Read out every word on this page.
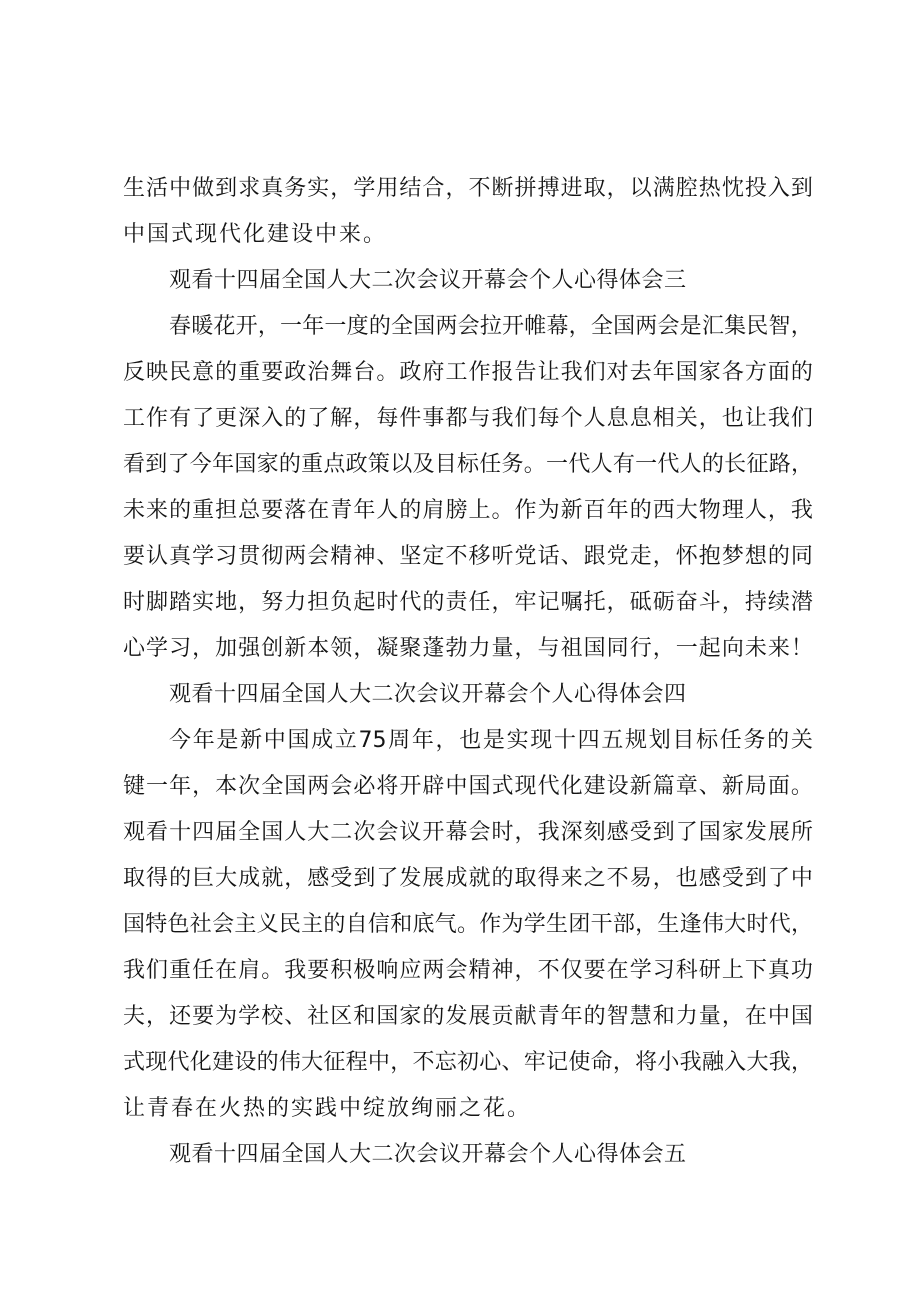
生 活 中 做 到 求 真 务 实 ， 学 用 结 合 ， 不 断 拼 搏 进 取 ， 以 满 腔 热 忱 投 入 到
中国式现代化建设中来。
观看十四届全国人大二次会议开幕会个人心得体会三
春 暖 花 开 ， 一 年 一 度 的 全 国 两 会 拉 开 帷 幕 ， 全 国 两 会 是 汇 集 民 智 ，
反 映 民 意 的 重 要 政 治 舞 台 。 政 府 工 作 报 告 让 我 们 对 去 年 国 家 各 方 面 的
工 作 有 了 更 深 入 的 了 解 ， 每 件 事 都 与 我 们 每 个 人 息 息 相 关 ， 也 让 我 们
看 到 了 今 年 国 家 的 重 点 政 策 以 及 目 标 任 务 。 一 代 人 有 一 代 人 的 长 征 路 ，
未 来 的 重 担 总 要 落 在 青 年 人 的 肩 膀 上 。 作 为 新 百 年 的 西 大 物 理 人 ， 我
要 认 真 学 习 贯 彻 两 会 精 神 、 坚 定 不 移 听 党 话 、 跟 党 走 ， 怀 抱 梦 想 的 同
时 脚 踏 实 地 ， 努 力 担 负 起 时 代 的 责 任 ， 牢 记 嘱 托 ， 砥 砺 奋 斗 ， 持 续 潜
心 学 习 ， 加 强 创 新 本 领 ， 凝 聚 蓬 勃 力 量 ， 与 祖 国 同 行 ， 一 起 向 未 来 ！
观看十四届全国人大二次会议开幕会个人心得体会四
今 年 是 新 中 国 成 立 75 周 年 ， 也 是 实 现 十 四 五 规 划 目 标 任 务 的 关
键 一 年 ， 本 次 全 国 两 会 必 将 开 辟 中 国 式 现 代 化 建 设 新 篇 章 、 新 局 面 。
观 看 十 四 届 全 国 人 大 二 次 会 议 开 幕 会 时 ， 我 深 刻 感 受 到 了 国 家 发 展 所
取 得 的 巨 大 成 就 ， 感 受 到 了 发 展 成 就 的 取 得 来 之 不 易 ， 也 感 受 到 了 中
国 特 色 社 会 主 义 民 主 的 自 信 和 底 气 。 作 为 学 生 团 干 部 ， 生 逢 伟 大 时 代 ，
我 们 重 任 在 肩 。 我 要 积 极 响 应 两 会 精 神 ， 不 仅 要 在 学 习 科 研 上 下 真 功
夫 ， 还 要 为 学 校 、 社 区 和 国 家 的 发 展 贡 献 青 年 的 智 慧 和 力 量 ， 在 中 国
式 现 代 化 建 设 的 伟 大 征 程 中 ， 不 忘 初 心 、 牢 记 使 命 ， 将 小 我 融 入 大 我 ，
让青春在火热的实践中绽放绚丽之花。
观看十四届全国人大二次会议开幕会个人心得体会五
